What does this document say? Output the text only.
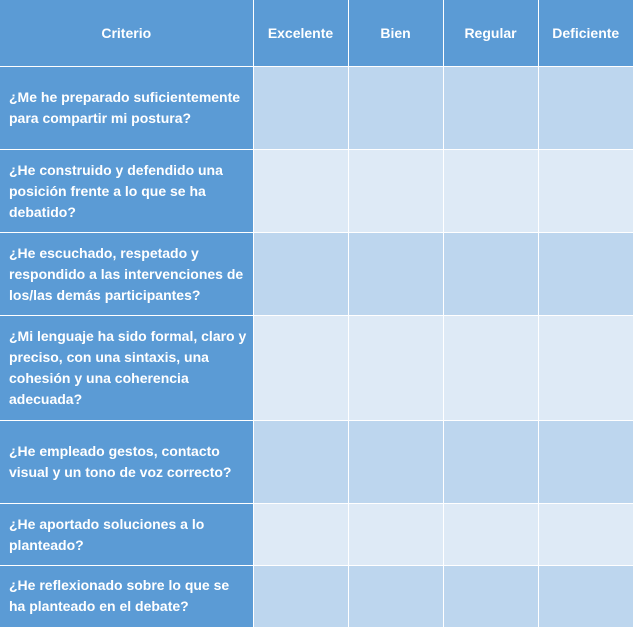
Criterio	Excelente	Bien	Regular	Deficiente
¿Me he preparado suficientemente para compartir mi postura?				
¿He construido y defendido una posición frente a lo que se ha debatido?				
¿He escuchado, respetado y respondido a las intervenciones de los/las demás participantes?				
¿Mi lenguaje ha sido formal, claro y preciso, con una sintaxis, una cohesión y una coherencia adecuada?				
¿He empleado gestos, contacto visual y un tono de voz correcto?				
¿He aportado soluciones a lo planteado?				
¿He reflexionado sobre lo que se ha planteado en el debate?				
